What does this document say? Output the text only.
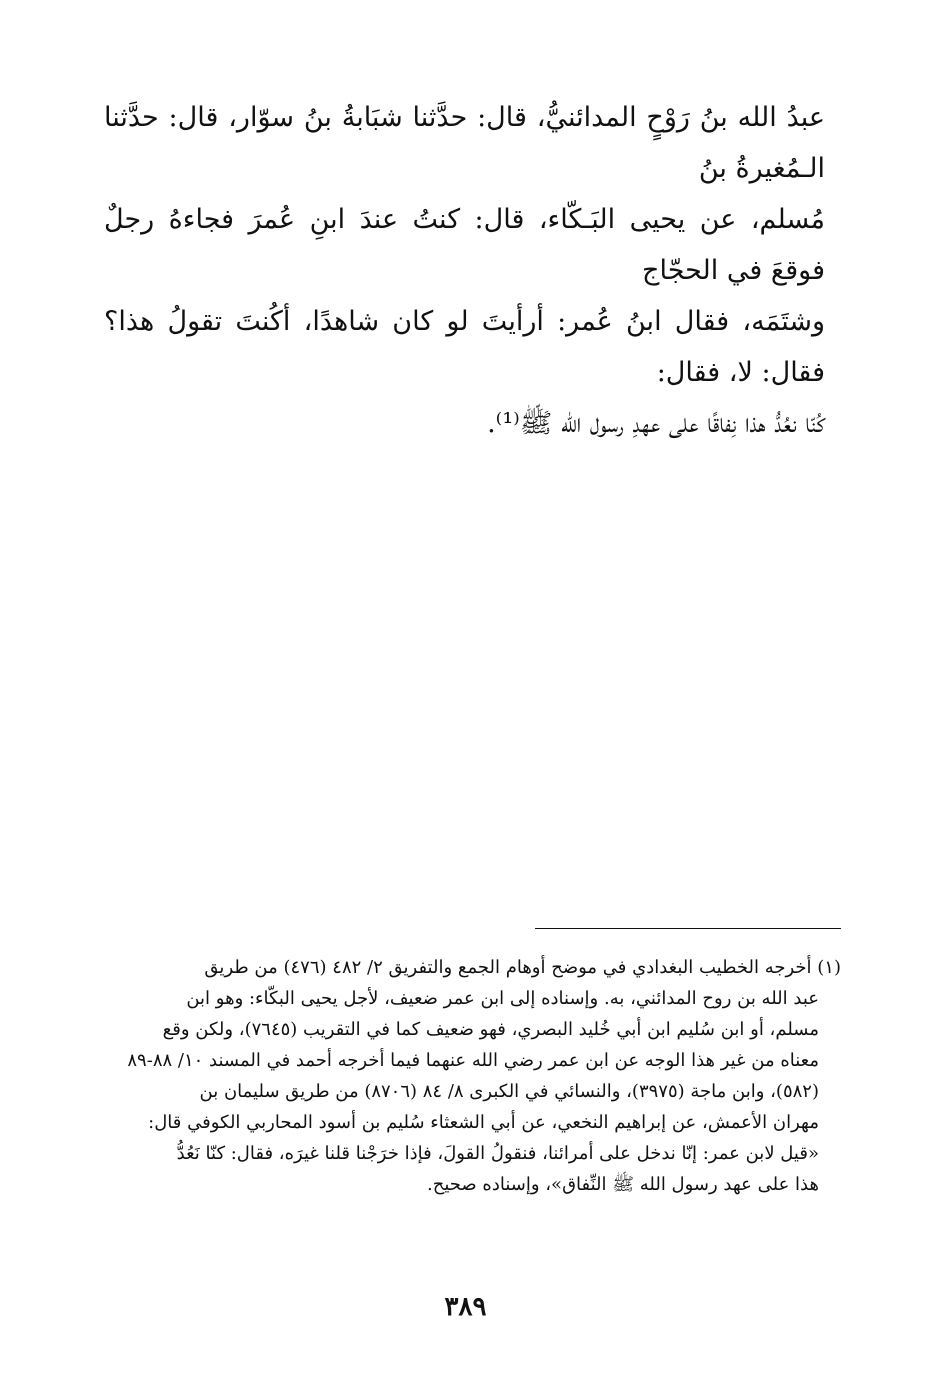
عبدُ الله بنُ رَوْحٍ المدائنيُّ، قال: حدَّثنا شبَابةُ بنُ سوّار، قال: حدَّثنا الـمُغيرةُ بنُ

مُسلم، عن يحيى البَـكّاء، قال: كنتُ عندَ ابنِ عُمرَ فجاءهُ رجلٌ فوقعَ في الحجّاج

وشتَمَه، فقال ابنُ عُمر: أرأيتَ لو كان شاهدًا، أكُنتَ تقولُ هذا؟ فقال: لا، فقال:

كُنّا نعُدُّ هذا نِفاقًا على عهدِ رسول الله ﷺ⁽¹⁾.

(١) أخرجه الخطيب البغدادي في موضح أوهام الجمع والتفريق ٢/ ٤٨٢ (٤٧٦) من طريق
عبد الله بن روح المدائني، به. وإسناده إلى ابن عمر ضعيف، لأجل يحيى البكّاء: وهو ابن
مسلم، أو ابن سُليم ابن أبي خُليد البصري، فهو ضعيف كما في التقريب (٧٦٤٥)، ولكن وقع
معناه من غير هذا الوجه عن ابن عمر رضي الله عنهما فيما أخرجه أحمد في المسند ١٠/ ٨٨-٨٩
(٥٨٢)، وابن ماجة (٣٩٧٥)، والنسائي في الكبرى ٨/ ٨٤ (٨٧٠٦) من طريق سليمان بن
مهران الأعمش، عن إبراهيم النخعي، عن أبي الشعثاء سُليم بن أسود المحاربي الكوفي قال:
«قيل لابن عمر: إنّا ندخل على أمرائنا، فنقولُ القولَ، فإذا خرَجْنا قلنا غيرَه، فقال: كنّا نَعُدُّ
هذا على عهد رسول الله ﷺ النِّفاق»، وإسناده صحيح.
٣٨٩
